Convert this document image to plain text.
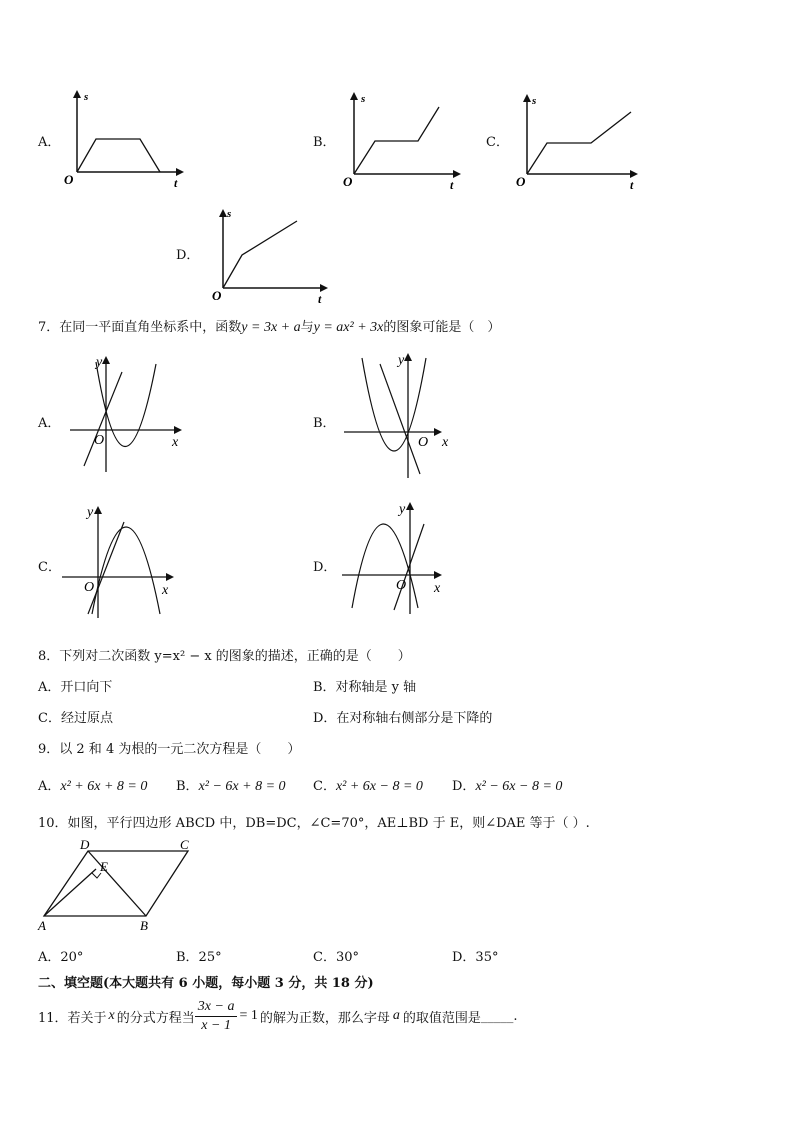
A．
O
s
t
B．
O
s
t
C．
O
s
t
D．
O
s
t
7．在同一平面直角坐标系中，函数y = 3x + a与y = ax² + 3x的图象可能是（　）
A．
y
x
O
B．
y
x
O
C．
y
x
O
D．
y
x
O
8．下列对二次函数 y=x² − x 的图象的描述，正确的是（　　）
A．开口向下	B．对称轴是 y 轴
C．经过原点	D．在对称轴右侧部分是下降的
9．以 2 和 4 为根的一元二次方程是（　　）
A．x² + 6x + 8 = 0 B．x² − 6x + 8 = 0 C．x² + 6x − 8 = 0 D．x² − 6x − 8 = 0
10．如图，平行四边形 ABCD 中，DB=DC，∠C=70°，AE⊥BD 于 E，则∠DAE 等于（ ）.
A	B
C
D
E
A．20°	B．25°	C．30°	D．35°
二、填空题(本大题共有 6 小题，每小题 3 分，共 18 分)
11．若关于 x 的分式方程当 $\frac{3x - a}{x - 1} = 1$ 的解为正数，那么字母 a 的取值范围是 _____ .
